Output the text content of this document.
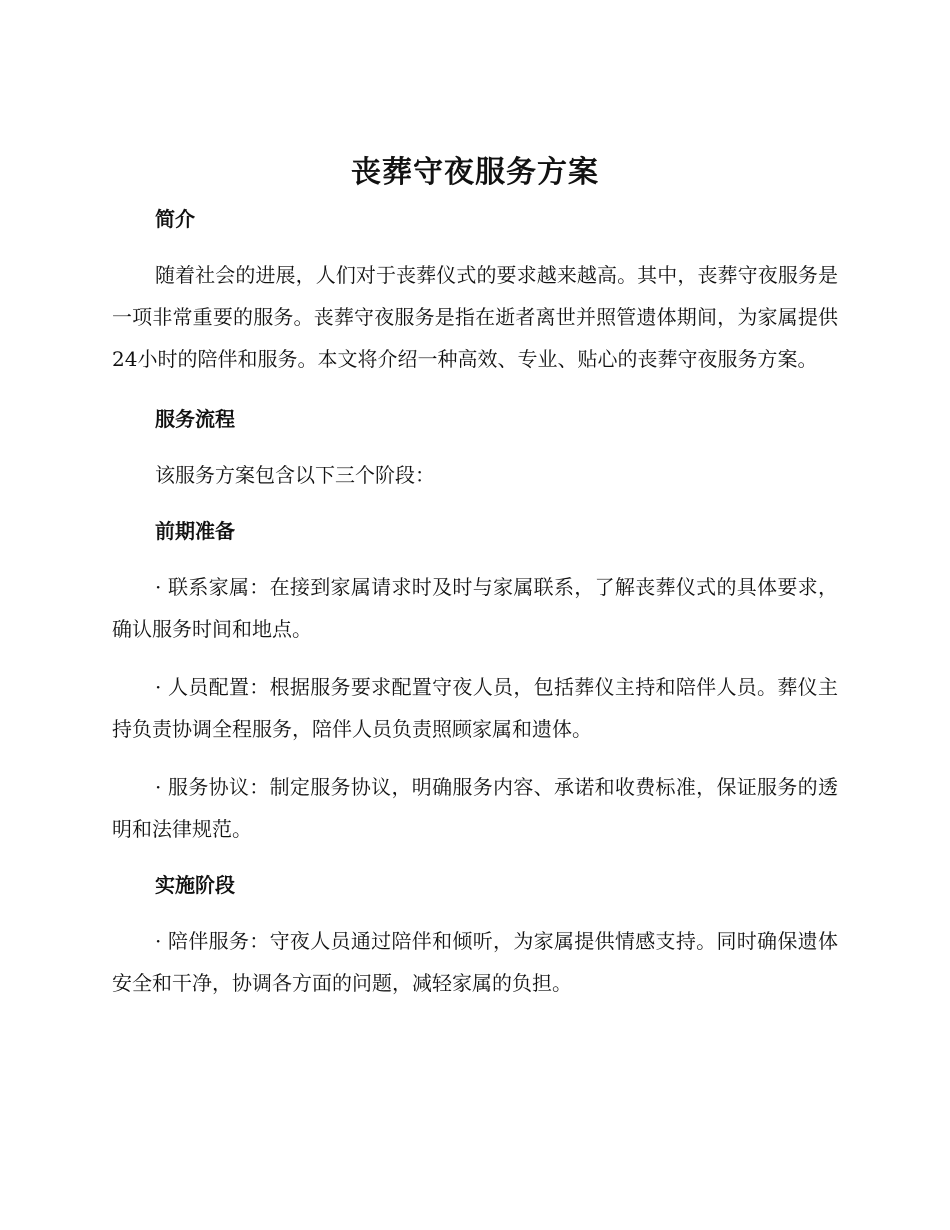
丧葬守夜服务方案
简介

随着社会的进展，人们对于丧葬仪式的要求越来越高。其中，丧葬守夜服务是一项非常重要的服务。丧葬守夜服务是指在逝者离世并照管遗体期间，为家属提供24小时的陪伴和服务。本文将介绍一种高效、专业、贴心的丧葬守夜服务方案。

服务流程

该服务方案包含以下三个阶段：

前期准备

· 联系家属：在接到家属请求时及时与家属联系，了解丧葬仪式的具体要求，确认服务时间和地点。

· 人员配置：根据服务要求配置守夜人员，包括葬仪主持和陪伴人员。葬仪主持负责协调全程服务，陪伴人员负责照顾家属和遗体。

· 服务协议：制定服务协议，明确服务内容、承诺和收费标准，保证服务的透明和法律规范。

实施阶段

· 陪伴服务：守夜人员通过陪伴和倾听，为家属提供情感支持。同时确保遗体安全和干净，协调各方面的问题，减轻家属的负担。
